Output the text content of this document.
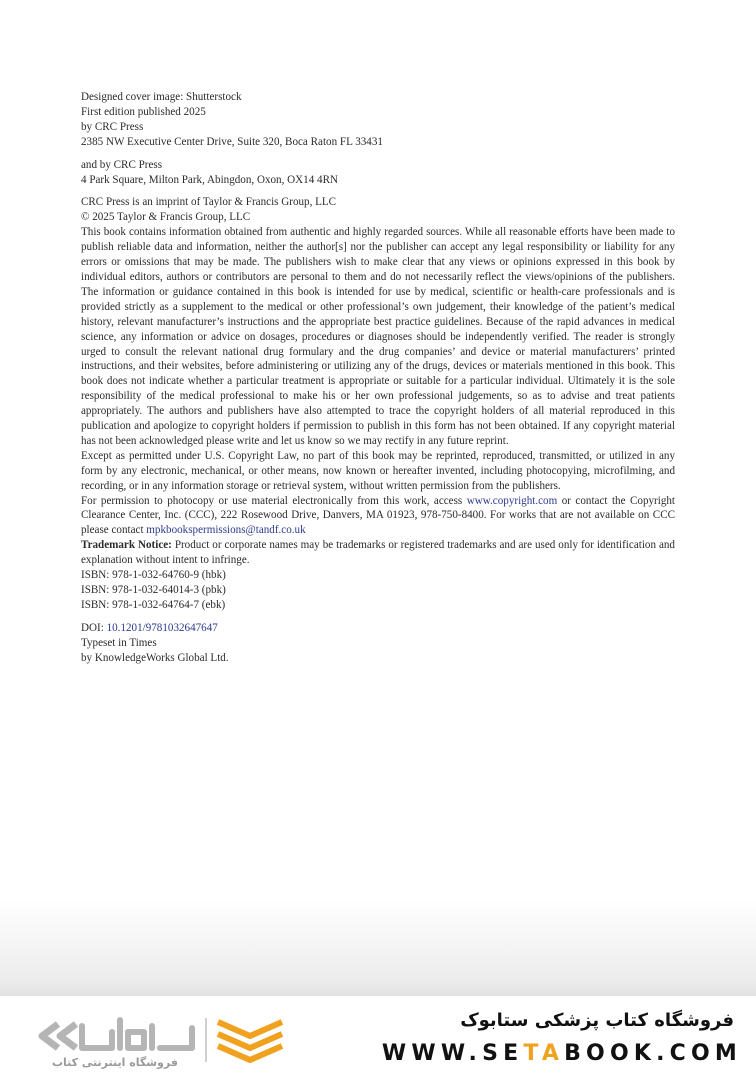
Designed cover image: Shutterstock

First edition published 2025

by CRC Press

2385 NW Executive Center Drive, Suite 320, Boca Raton FL 33431

and by CRC Press

4 Park Square, Milton Park, Abingdon, Oxon, OX14 4RN

CRC Press is an imprint of Taylor & Francis Group, LLC

© 2025 Taylor & Francis Group, LLC

This book contains information obtained from authentic and highly regarded sources. While all reasonable efforts have been made to publish reliable data and information, neither the author[s] nor the publisher can accept any legal responsibility or liability for any errors or omissions that may be made. The publishers wish to make clear that any views or opinions expressed in this book by individual editors, authors or contributors are personal to them and do not necessarily reflect the views/opinions of the publishers. The information or guidance contained in this book is intended for use by medical, scientific or health-care professionals and is provided strictly as a supplement to the medical or other professional’s own judgement, their knowledge of the patient’s medical history, relevant manufacturer’s instructions and the appropriate best practice guidelines. Because of the rapid advances in medical science, any information or advice on dosages, procedures or diagnoses should be independently verified. The reader is strongly urged to consult the relevant national drug formulary and the drug companies’ and device or material manufacturers’ printed instructions, and their websites, before administering or utilizing any of the drugs, devices or materials mentioned in this book. This book does not indicate whether a particular treatment is appropriate or suitable for a particular individual. Ultimately it is the sole responsibility of the medical professional to make his or her own professional judgements, so as to advise and treat patients appropriately. The authors and publishers have also attempted to trace the copyright holders of all material reproduced in this publication and apologize to copyright holders if permission to publish in this form has not been obtained. If any copyright material has not been acknowledged please write and let us know so we may rectify in any future reprint.

Except as permitted under U.S. Copyright Law, no part of this book may be reprinted, reproduced, transmitted, or utilized in any form by any electronic, mechanical, or other means, now known or hereafter invented, including photocopying, microfilming, and recording, or in any information storage or retrieval system, without written permission from the publishers.

For permission to photocopy or use material electronically from this work, access www.copyright.com or contact the Copyright Clearance Center, Inc. (CCC), 222 Rosewood Drive, Danvers, MA 01923, 978-750-8400. For works that are not available on CCC please contact mpkbookspermissions@tandf.co.uk

Trademark Notice: Product or corporate names may be trademarks or registered trademarks and are used only for identification and explanation without intent to infringe.

ISBN: 978-1-032-64760-9 (hbk)

ISBN: 978-1-032-64014-3 (pbk)

ISBN: 978-1-032-64764-7 (ebk)

DOI: 10.1201/9781032647647

Typeset in Times

by KnowledgeWorks Global Ltd.

فروشگاه اینترنتی کتاب
فروشگاه کتاب پزشکی ستابوک
WWW.SETABOOK.COM
